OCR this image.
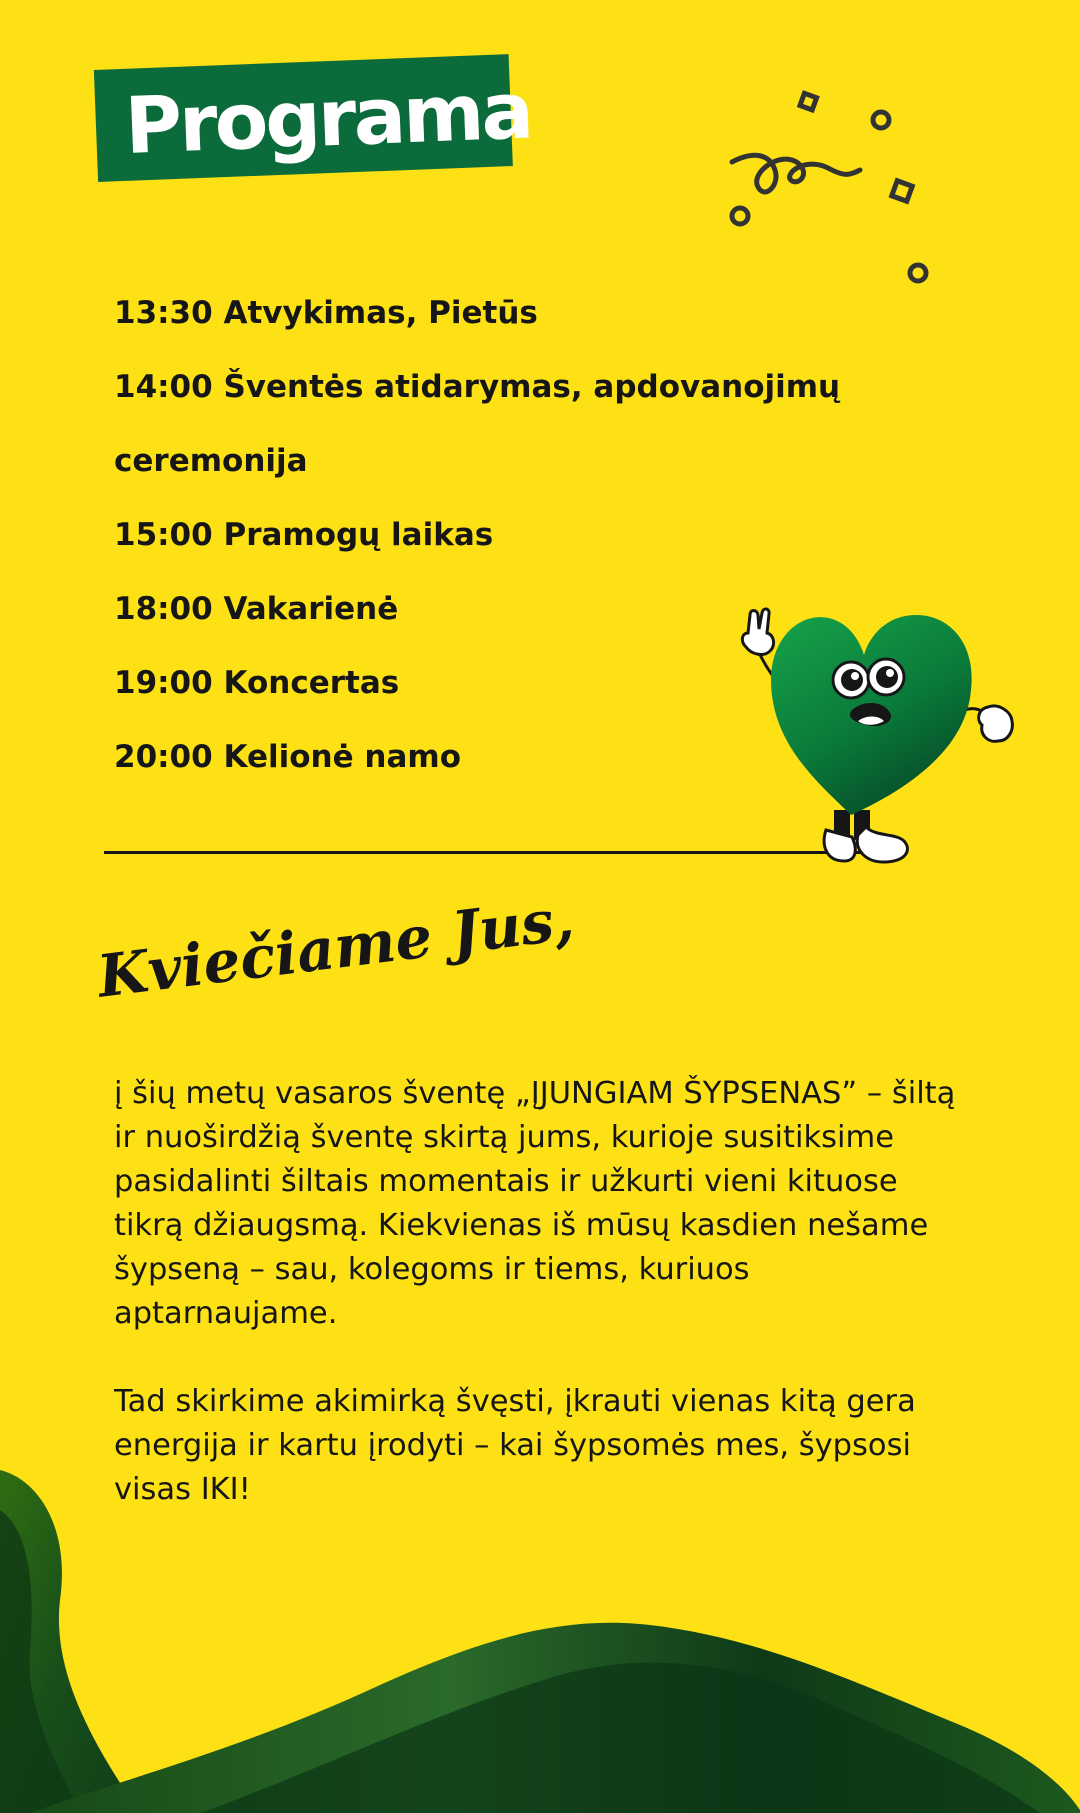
Programa

13:30 Atvykimas, Pietūs

14:00 Šventės atidarymas, apdovanojimų

ceremonija

15:00 Pramogų laikas

18:00 Vakarienė

19:00 Koncertas

20:00 Kelionė namo

Kviečiame Jus,

į šių metų vasaros šventę „ĮJUNGIAM ŠYPSENAS” – šiltą ir nuoširdžią šventę skirtą jums, kurioje susitiksime pasidalinti šiltais momentais ir užkurti vieni kituose tikrą džiaugsmą. Kiekvienas iš mūsų kasdien nešame šypseną – sau, kolegoms ir tiems, kuriuos aptarnaujame.

Tad skirkime akimirką švęsti, įkrauti vienas kitą gera energija ir kartu įrodyti – kai šypsomės mes, šypsosi visas IKI!
